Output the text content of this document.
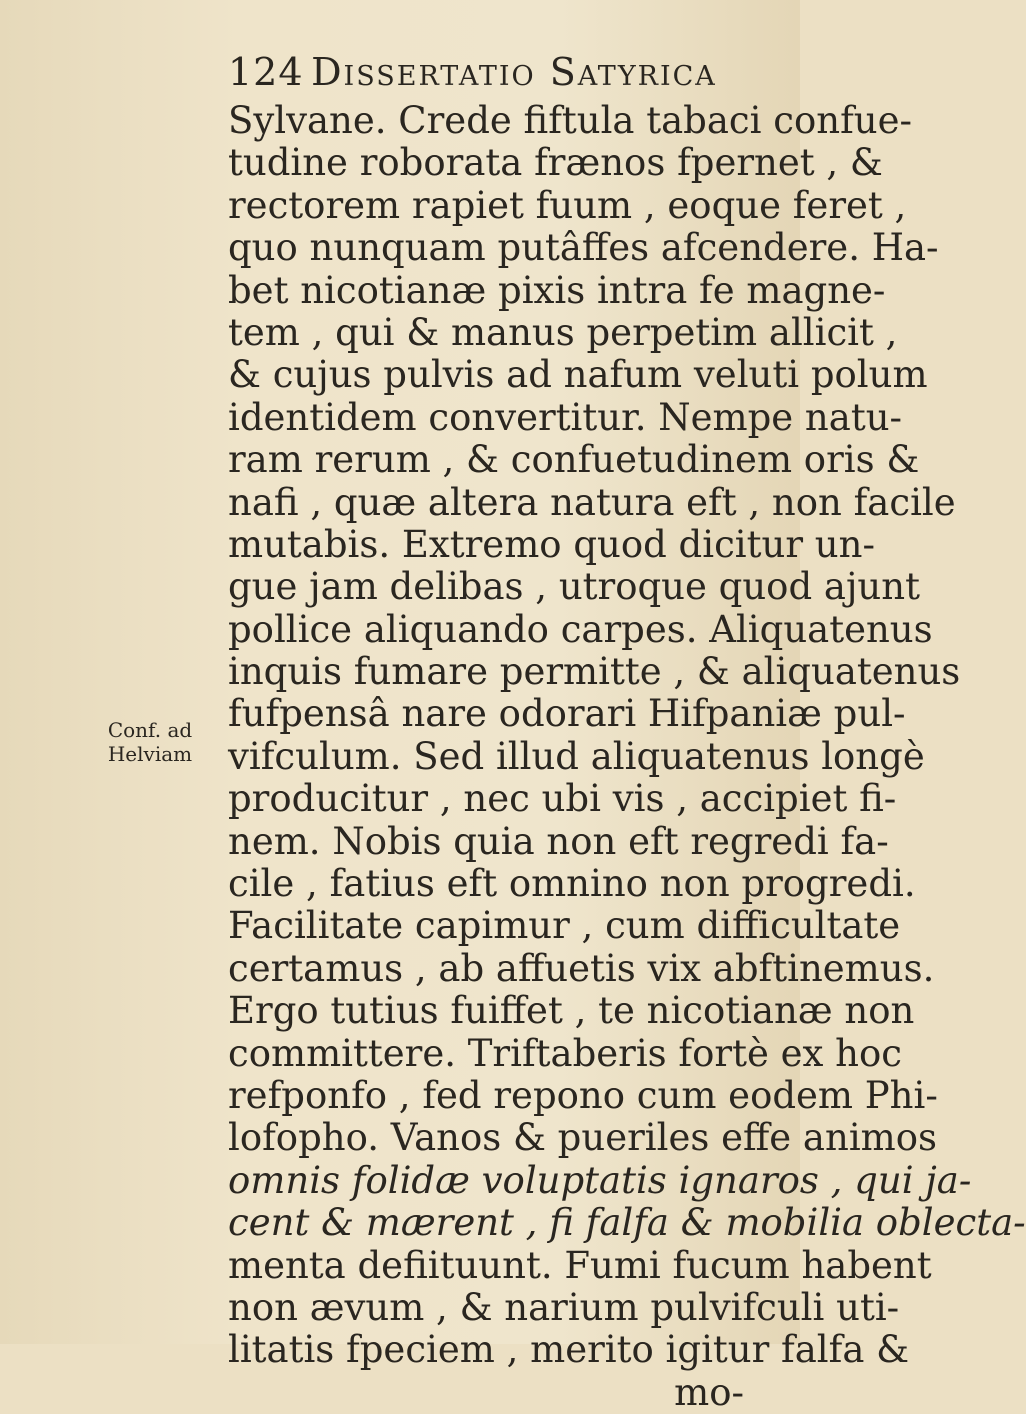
124 Dissertatio Satyrica
Conf. ad
Helviam
Sylvane. Crede fiftula tabaci confue-
tudine roborata frænos fpernet , &
rectorem rapiet fuum , eoque feret ,
quo nunquam putâffes afcendere. Ha-
bet nicotianæ pixis intra fe magne-
tem , qui & manus perpetim allicit ,
& cujus pulvis ad nafum veluti polum
identidem convertitur. Nempe natu-
ram rerum , & confuetudinem oris &
nafi , quæ altera natura eft , non facile
mutabis. Extremo quod dicitur un-
gue jam delibas , utroque quod ajunt
pollice aliquando carpes. Aliquatenus
inquis fumare permitte , & aliquatenus
fufpensâ nare odorari Hifpaniæ pul-
vifculum. Sed illud aliquatenus longè
producitur , nec ubi vis , accipiet fi-
nem. Nobis quia non eft regredi fa-
cile , fatius eft omnino non progredi.
Facilitate capimur , cum difficultate
certamus , ab affuetis vix abftinemus.
Ergo tutius fuiffet , te nicotianæ non
committere. Triftaberis fortè ex hoc
refponfo , fed repono cum eodem Phi-
lofopho. Vanos & pueriles effe animos
omnis folidæ voluptatis ignaros , qui ja-
cent & mærent , fi falfa & mobilia oblecta-
menta defiituunt. Fumi fucum habent
non ævum , & narium pulvifculi uti-
litatis fpeciem , merito igitur falfa &
mo-
